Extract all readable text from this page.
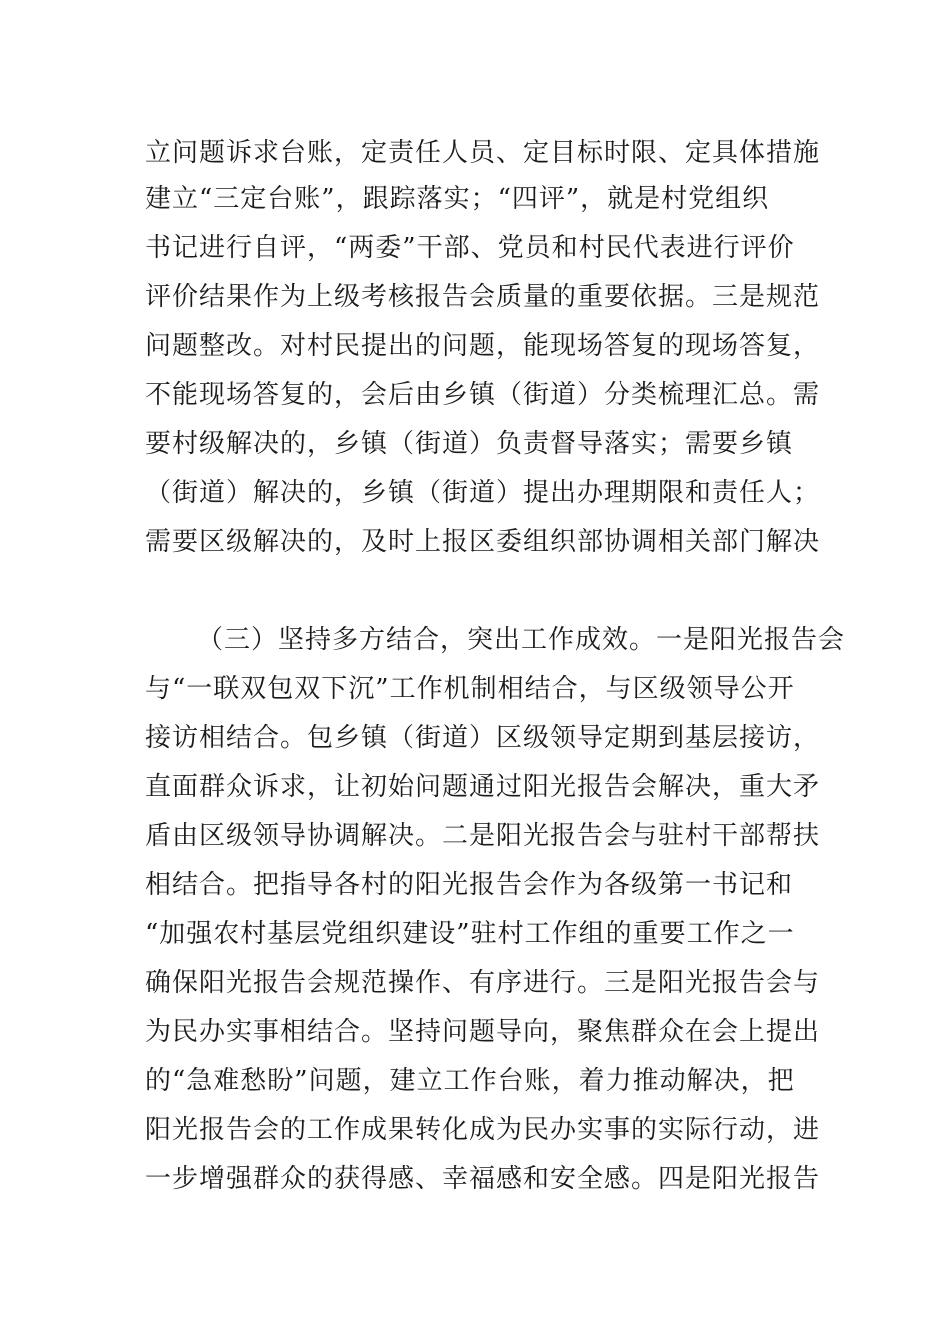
立问题诉求台账，定责任人员、定目标时限、定具体措施
建立“三定台账”，跟踪落实；“四评”，就是村党组织
书记进行自评，“两委”干部、党员和村民代表进行评价
评价结果作为上级考核报告会质量的重要依据。三是规范
问题整改。对村民提出的问题，能现场答复的现场答复，
不能现场答复的，会后由乡镇（街道）分类梳理汇总。需
要村级解决的，乡镇（街道）负责督导落实；需要乡镇
（街道）解决的，乡镇（街道）提出办理期限和责任人；
需要区级解决的，及时上报区委组织部协调相关部门解决
（三）坚持多方结合，突出工作成效。一是阳光报告会
与“一联双包双下沉”工作机制相结合，与区级领导公开
接访相结合。包乡镇（街道）区级领导定期到基层接访，
直面群众诉求，让初始问题通过阳光报告会解决，重大矛
盾由区级领导协调解决。二是阳光报告会与驻村干部帮扶
相结合。把指导各村的阳光报告会作为各级第一书记和
“加强农村基层党组织建设”驻村工作组的重要工作之一
确保阳光报告会规范操作、有序进行。三是阳光报告会与
为民办实事相结合。坚持问题导向，聚焦群众在会上提出
的“急难愁盼”问题，建立工作台账，着力推动解决，把
阳光报告会的工作成果转化成为民办实事的实际行动，进
一步增强群众的获得感、幸福感和安全感。四是阳光报告
